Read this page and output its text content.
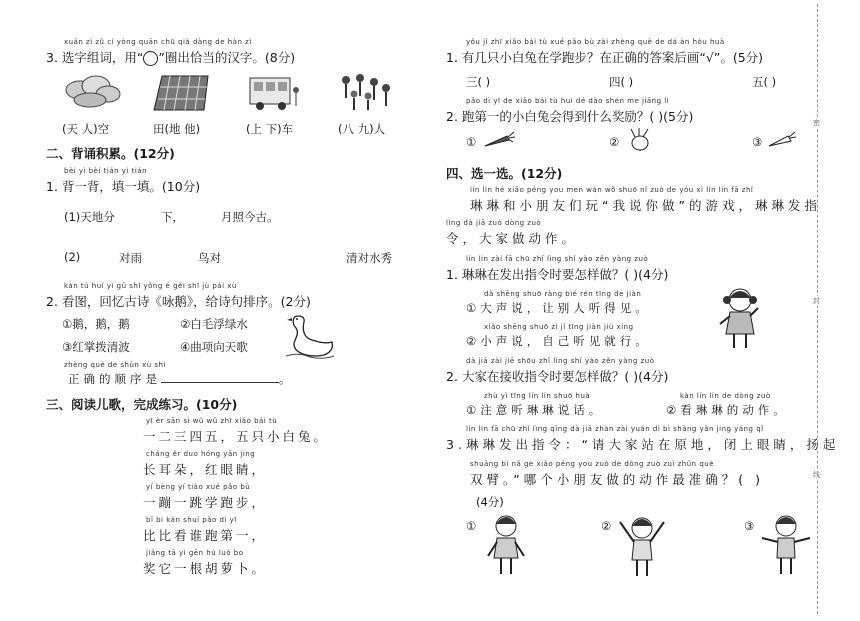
xuǎn zì zǔ cí yòng quān chū qià dàng de hàn zì
3. 选字组词，用“ ”圈出恰当的汉字。(8分)
(天 人)空	田(地 他)	(上 下)车	(八 九)人
二、背诵积累。(12分)
bèi yi bèi tián yi tián
1. 背一背，填一填。(10分)
(1)天地分	下，	月照今古。
(2)	对雨	鸟对	清对水秀
kàn tú huí yì gǔ shī yǒng é gěi shī jù pái xù
2. 看图，回忆古诗《咏鹅》，给诗句排序。(2分)
①鹅，鹅，鹅	②白毛浮绿水
③红掌拨清波	④曲项向天歌
zhèng què de shùn xù shì
正确的顺序是	。
三、阅读儿歌，完成练习。(10分)
yī èr sān sì wǔ wǔ zhī xiǎo bái tù
一二三四五，五只小白兔。
cháng ěr duo hóng yǎn jing
长耳朵，红眼睛，
yí bèng yí tiào xué pǎo bù
一蹦一跳学跑步，
bǐ bi kàn shuí pǎo dì yī
比比看谁跑第一，
jiǎng tā yì gēn hú luó bo
奖它一根胡萝卜。
yǒu jǐ zhī xiǎo bái tù xué pǎo bù zài zhèng què de dá àn hòu huà
1. 有几只小白兔在学跑步？在正确的答案后画“√”。(5分)
三( )	四( )	五( )
pǎo dì yī de xiǎo bái tù huì dé dào shén me jiǎng lì
2. 跑第一的小白兔会得到什么奖励？( )(5分)
①	②	③
四、选一选。(12分)
lín lin hé xiǎo péng you men wán wǒ shuō nǐ zuò de yóu xì lín lin fā zhǐ
琳琳和小朋友们玩“我说你做”的游戏，琳琳发指
lìng dà jiā zuò dòng zuò
令，大家做动作。
lín lin zài fā chū zhǐ lìng shí yào zěn yàng zuò
1. 琳琳在发出指令时要怎样做？( )(4分)
dà shēng shuō ràng bié rén tīng de jiàn
①大声说，让别人听得见。
xiǎo shēng shuō zì jǐ tīng jiàn jiù xíng
②小声说，自己听见就行。
dà jiā zài jiē shōu zhǐ lìng shí yào zěn yàng zuò
2. 大家在接收指令时要怎样做？( )(4分)
zhù yì tīng lín lin shuō huà
①注意听琳琳说话。
kàn lín lin de dòng zuò
②看琳琳的动作。
lín lin fā chū zhǐ lìng qǐng dà jiā zhàn zài yuán dì bì shàng yǎn jing yáng qǐ
3.琳琳发出指令：“请大家站在原地，闭上眼睛，扬起
shuāng bì nǎ ge xiǎo péng you zuò de dòng zuò zuì zhǔn què
双臂。”哪个小朋友做的动作最准确？( )
(4分)
①	②	③
密
封
线
